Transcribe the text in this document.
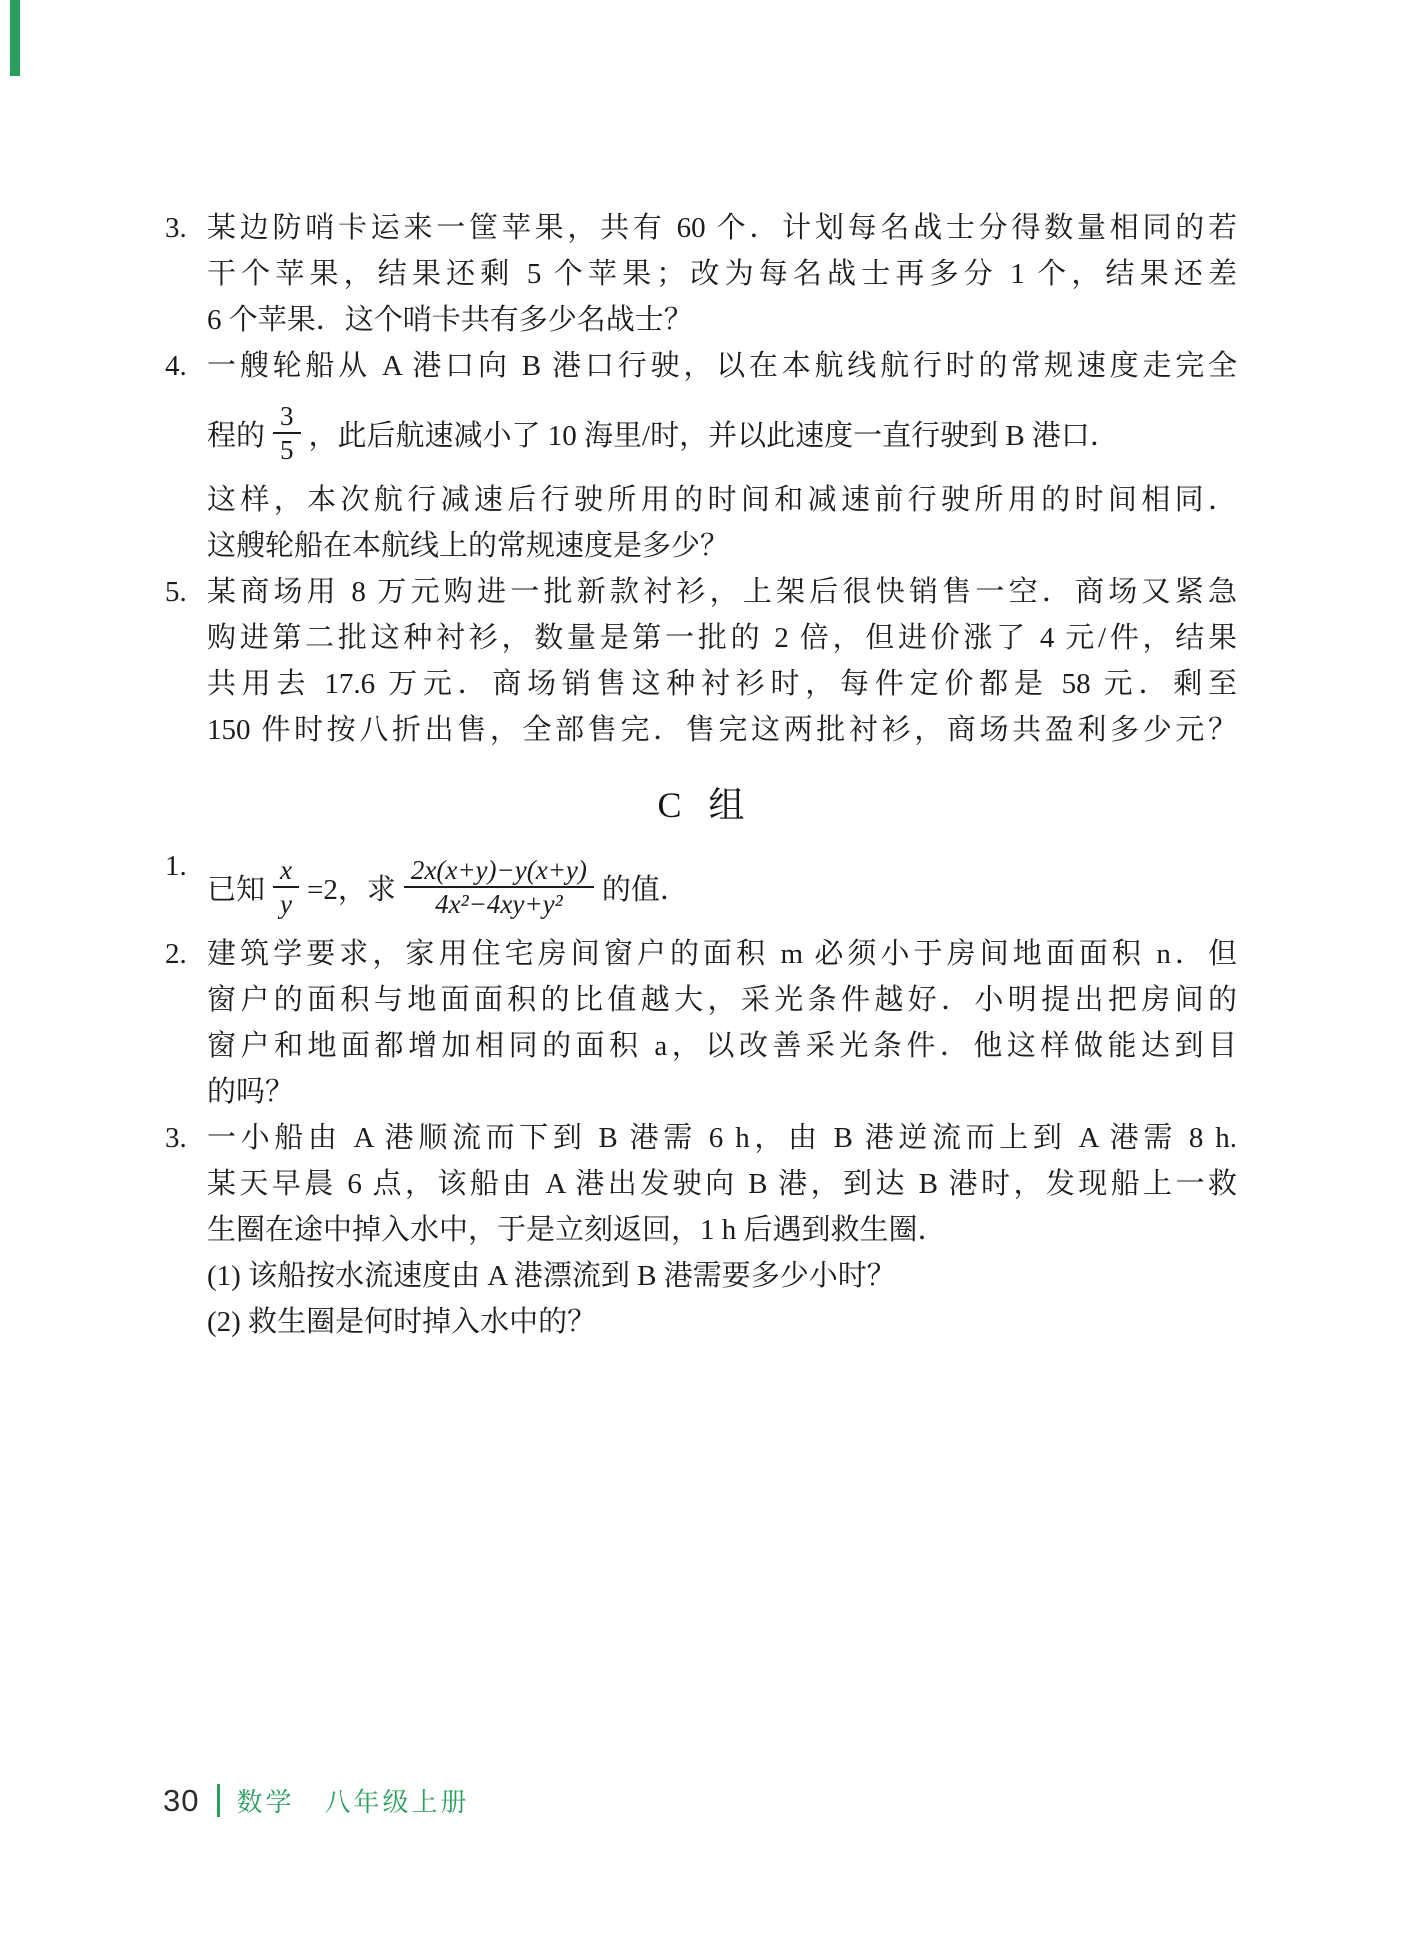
3. 某边防哨卡运来一筐苹果，共有 60 个．计划每名战士分得数量相同的若
干个苹果，结果还剩 5 个苹果；改为每名战士再多分 1 个，结果还差
6 个苹果．这个哨卡共有多少名战士？
4. 一艘轮船从 A 港口向 B 港口行驶，以在本航线航行时的常规速度走完全
程的 $\frac{3}{5}$ ，此后航速减小了 10 海里/时，并以此速度一直行驶到 B 港口．
这样，本次航行减速后行驶所用的时间和减速前行驶所用的时间相同．
这艘轮船在本航线上的常规速度是多少？
5. 某商场用 8 万元购进一批新款衬衫，上架后很快销售一空．商场又紧急
购进第二批这种衬衫，数量是第一批的 2 倍，但进价涨了 4 元/件，结果
共用去 17.6 万元．商场销售这种衬衫时，每件定价都是 58 元．剩至
150 件时按八折出售，全部售完．售完这两批衬衫，商场共盈利多少元？
C 组
1.
已知 $\frac{x}{y} =2$，求 $\frac{2x(x+y)-y(x+y)}{\text{4x²−4xy+y²}}$ 的值．
2. 建筑学要求，家用住宅房间窗户的面积 m 必须小于房间地面面积 n．但
窗户的面积与地面面积的比值越大，采光条件越好．小明提出把房间的
窗户和地面都增加相同的面积 a，以改善采光条件．他这样做能达到目
的吗？
3. 一小船由 A 港顺流而下到 B 港需 6 h，由 B 港逆流而上到 A 港需 8 h.
某天早晨 6 点，该船由 A 港出发驶向 B 港，到达 B 港时，发现船上一救
生圈在途中掉入水中，于是立刻返回，1 h 后遇到救生圈．
(1) 该船按水流速度由 A 港漂流到 B 港需要多少小时？
(2) 救生圈是何时掉入水中的？
30 数学 八年级上册
